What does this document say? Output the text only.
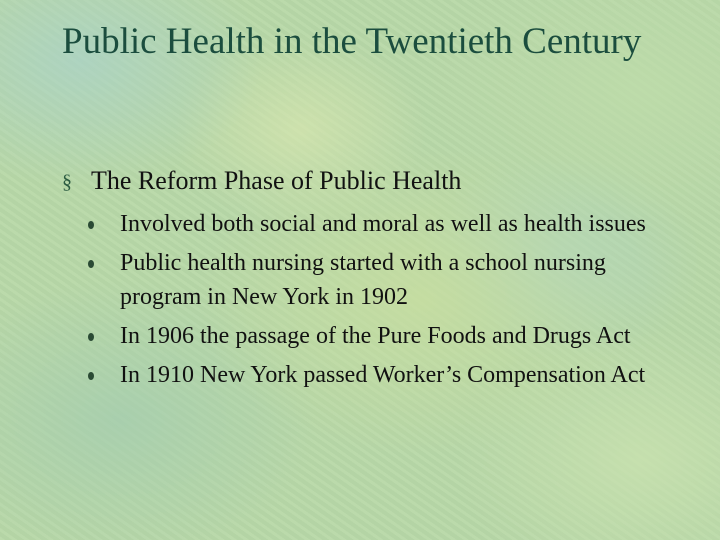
Public Health in the Twentieth Century
§ The Reform Phase of Public Health
Involved both social and moral as well as health issues
Public health nursing started with a school nursing program in New York in 1902
In 1906 the passage of the Pure Foods and Drugs Act
In 1910 New York passed Worker’s Compensation Act
